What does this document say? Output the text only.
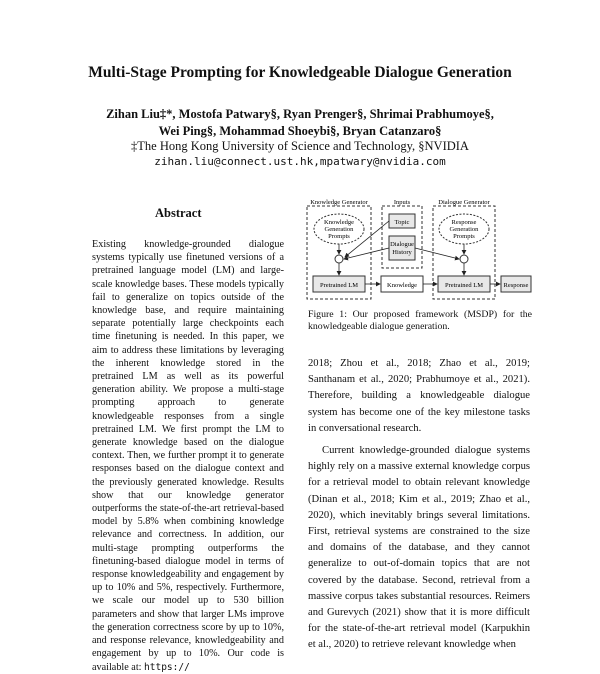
Multi-Stage Prompting for Knowledgeable Dialogue Generation
Zihan Liu‡*, Mostofa Patwary§, Ryan Prenger§, Shrimai Prabhumoye§,
Wei Ping§, Mohammad Shoeybi§, Bryan Catanzaro§
‡The Hong Kong University of Science and Technology, §NVIDIA
zihan.liu@connect.ust.hk,mpatwary@nvidia.com
Abstract
Existing knowledge-grounded dialogue systems typically use finetuned versions of a pretrained language model (LM) and large-scale knowledge bases. These models typically fail to generalize on topics outside of the knowledge base, and require maintaining separate potentially large checkpoints each time finetuning is needed. In this paper, we aim to address these limitations by leveraging the inherent knowledge stored in the pretrained LM as well as its powerful generation ability. We propose a multi-stage prompting approach to generate knowledgeable responses from a single pretrained LM. We first prompt the LM to generate knowledge based on the dialogue context. Then, we further prompt it to generate responses based on the dialogue context and the previously generated knowledge. Results show that our knowledge generator outperforms the state-of-the-art retrieval-based model by 5.8% when combining knowledge relevance and correctness. In addition, our multi-stage prompting outperforms the finetuning-based dialogue model in terms of response knowledgeability and engagement by up to 10% and 5%, respectively. Furthermore, we scale our model up to 530 billion parameters and show that larger LMs improve the generation correctness score by up to 10%, and response relevance, knowledgeability and engagement by up to 10%. Our code is available at: https://
Knowledge Generator	Inputs	Dialogue Generator
Knowledge
Generation
Prompts
Response
Generation
Prompts
Topic
Dialogue
History
Pretrained LM	Knowledge	Pretrained LM	Response
Figure 1: Our proposed framework (MSDP) for the knowledgeable dialogue generation.

2018; Zhou et al., 2018; Zhao et al., 2019; Santhanam et al., 2020; Prabhumoye et al., 2021). Therefore, building a knowledgeable dialogue system has become one of the key milestone tasks in conversational research.

Current knowledge-grounded dialogue systems highly rely on a massive external knowledge corpus for a retrieval model to obtain relevant knowledge (Dinan et al., 2018; Kim et al., 2019; Zhao et al., 2020), which inevitably brings several limitations. First, retrieval systems are constrained to the size and domains of the database, and they cannot generalize to out-of-domain topics that are not covered by the database. Second, retrieval from a massive corpus takes substantial resources. Reimers and Gurevych (2021) show that it is more difficult for the state-of-the-art retrieval model (Karpukhin et al., 2020) to retrieve relevant knowledge when
